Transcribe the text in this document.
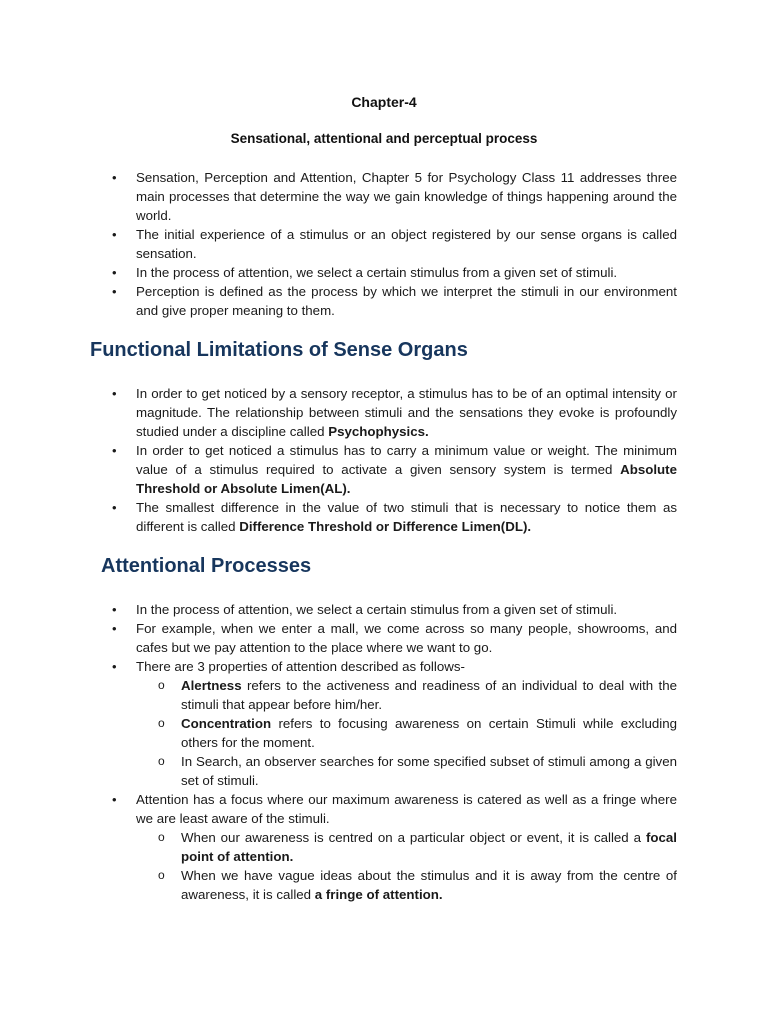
Chapter-4
Sensational, attentional and perceptual process
• Sensation, Perception and Attention, Chapter 5 for Psychology Class 11 addresses three main processes that determine the way we gain knowledge of things happening around the world.
• The initial experience of a stimulus or an object registered by our sense organs is called sensation.
• In the process of attention, we select a certain stimulus from a given set of stimuli.
• Perception is defined as the process by which we interpret the stimuli in our environment and give proper meaning to them.
Functional Limitations of Sense Organs
• In order to get noticed by a sensory receptor, a stimulus has to be of an optimal intensity or magnitude. The relationship between stimuli and the sensations they evoke is profoundly studied under a discipline called Psychophysics.
• In order to get noticed a stimulus has to carry a minimum value or weight. The minimum value of a stimulus required to activate a given sensory system is termed Absolute Threshold or Absolute Limen(AL).
• The smallest difference in the value of two stimuli that is necessary to notice them as different is called Difference Threshold or Difference Limen(DL).
Attentional Processes
• In the process of attention, we select a certain stimulus from a given set of stimuli.
• For example, when we enter a mall, we come across so many people, showrooms, and cafes but we pay attention to the place where we want to go.
• There are 3 properties of attention described as follows-
o Alertness refers to the activeness and readiness of an individual to deal with the stimuli that appear before him/her.
o Concentration refers to focusing awareness on certain Stimuli while excluding others for the moment.
o In Search, an observer searches for some specified subset of stimuli among a given set of stimuli.
• Attention has a focus where our maximum awareness is catered as well as a fringe where we are least aware of the stimuli.
o When our awareness is centred on a particular object or event, it is called a focal point of attention.
o When we have vague ideas about the stimulus and it is away from the centre of awareness, it is called a fringe of attention.
